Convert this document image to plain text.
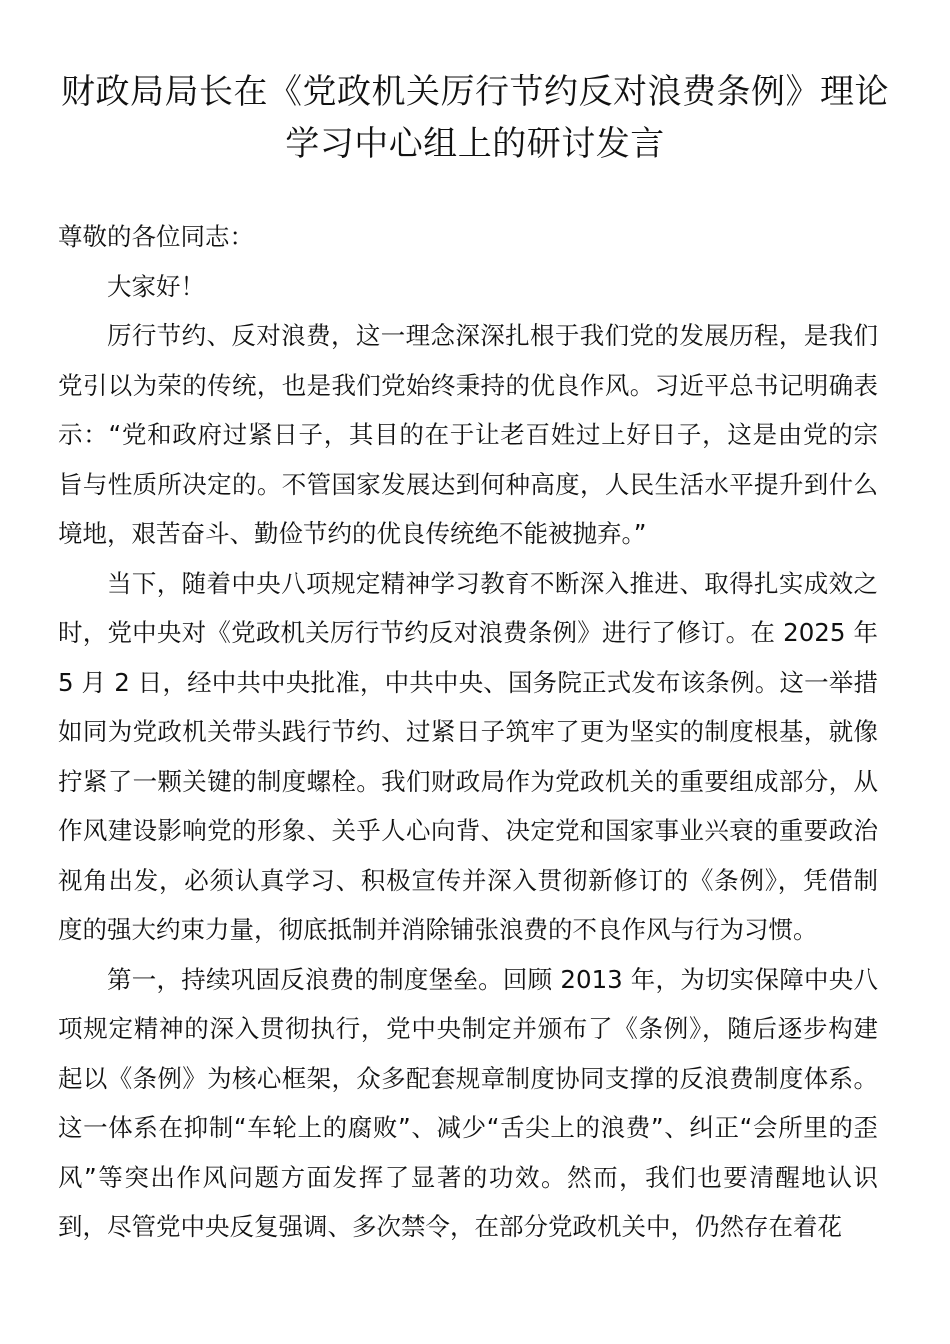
财政局局长在《党政机关厉行节约反对浪费条例》理论学习中心组上的研讨发言

尊敬的各位同志：

大家好！

厉行节约、反对浪费，这一理念深深扎根于我们党的发展历程，是我们党引以为荣的传统，也是我们党始终秉持的优良作风。习近平总书记明确表示：“党和政府过紧日子，其目的在于让老百姓过上好日子，这是由党的宗旨与性质所决定的。不管国家发展达到何种高度，人民生活水平提升到什么境地，艰苦奋斗、勤俭节约的优良传统绝不能被抛弃。”

当下，随着中央八项规定精神学习教育不断深入推进、取得扎实成效之时，党中央对《党政机关厉行节约反对浪费条例》进行了修订。在 2025 年 5 月 2 日，经中共中央批准，中共中央、国务院正式发布该条例。这一举措如同为党政机关带头践行节约、过紧日子筑牢了更为坚实的制度根基，就像拧紧了一颗关键的制度螺栓。我们财政局作为党政机关的重要组成部分，从作风建设影响党的形象、关乎人心向背、决定党和国家事业兴衰的重要政治视角出发，必须认真学习、积极宣传并深入贯彻新修订的《条例》，凭借制度的强大约束力量，彻底抵制并消除铺张浪费的不良作风与行为习惯。

第一，持续巩固反浪费的制度堡垒。回顾 2013 年，为切实保障中央八项规定精神的深入贯彻执行，党中央制定并颁布了《条例》，随后逐步构建起以《条例》为核心框架，众多配套规章制度协同支撑的反浪费制度体系。这一体系在抑制“车轮上的腐败”、减少“舌尖上的浪费”、纠正“会所里的歪风”等突出作风问题方面发挥了显著的功效。然而，我们也要清醒地认识到，尽管党中央反复强调、多次禁令，在部分党政机关中，仍然存在着花
